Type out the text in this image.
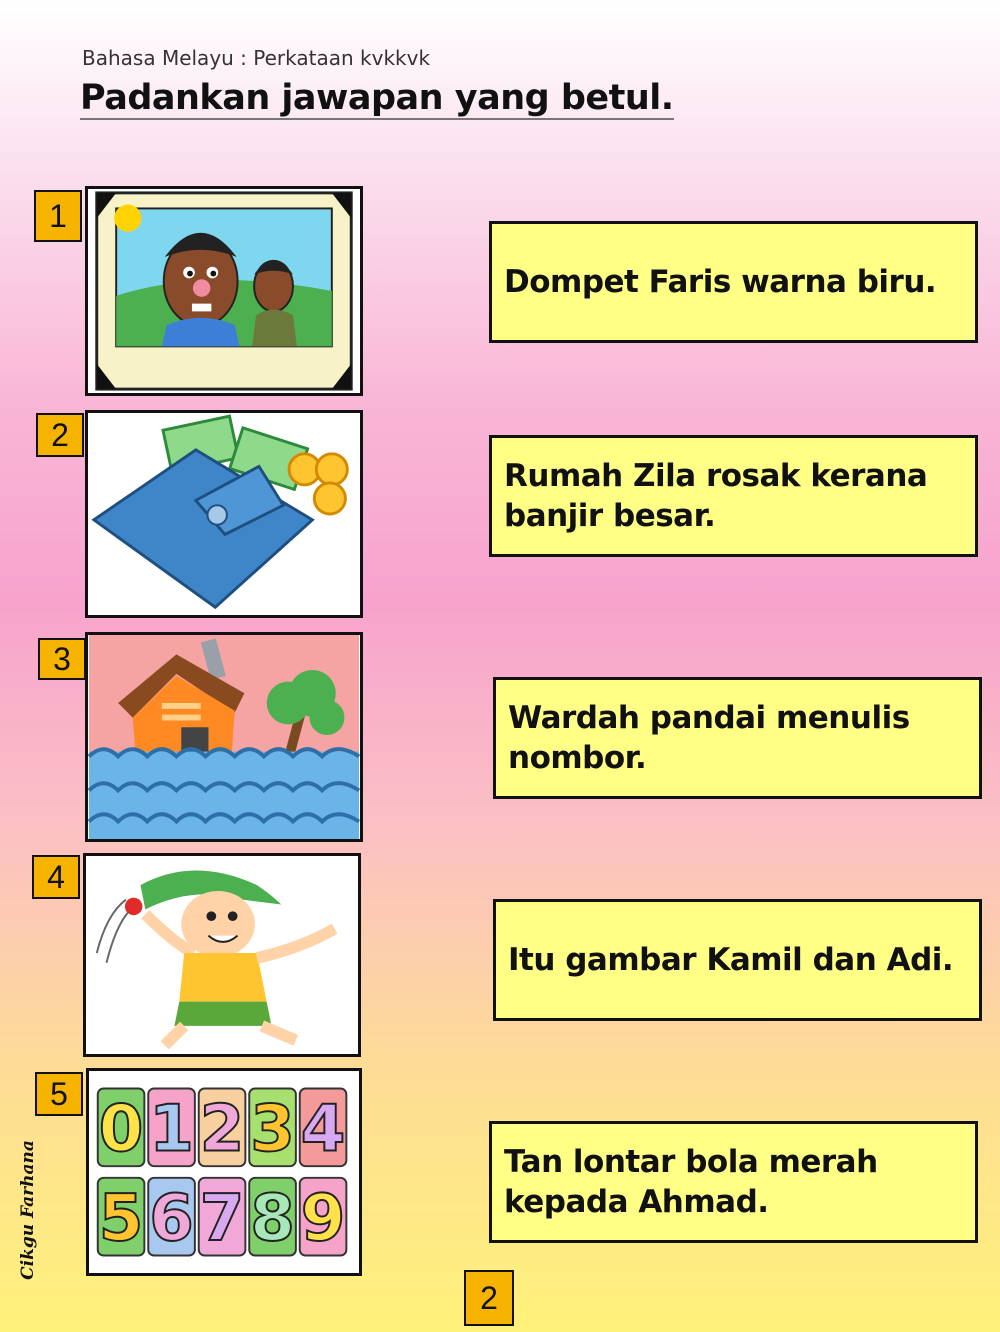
Bahasa Melayu : Perkataan kvkkvk
Padankan jawapan yang betul.
1
2
3
4
5 0 1 2 3 4
5 6 7 8 9
Dompet Faris warna biru.
Rumah Zila rosak kerana banjir besar.
Wardah pandai menulis nombor.
Itu gambar Kamil dan Adi.
Tan lontar bola merah kepada Ahmad.
Cikgu Farhana
2
